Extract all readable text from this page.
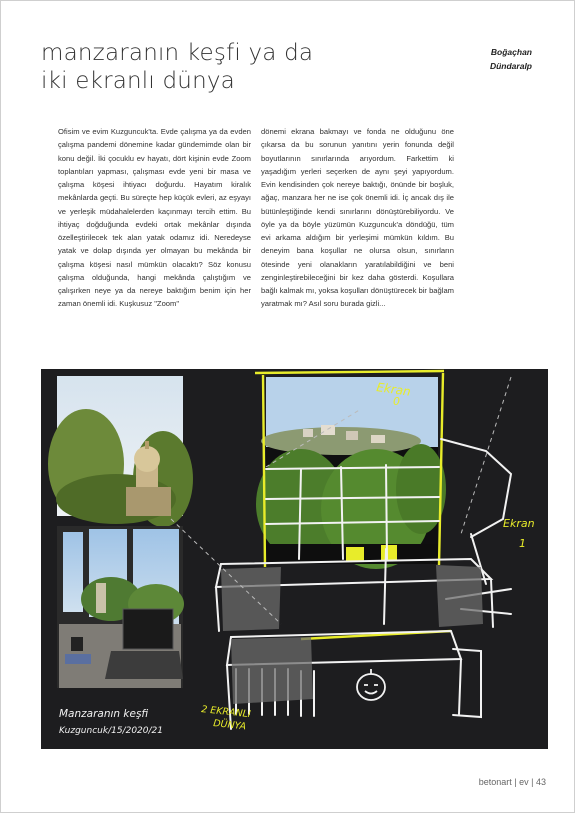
manzaranın keşfi ya da
iki ekranlı dünya
Boğaçhan
Dündaralp
Ofisim ve evim Kuzguncuk'ta. Evde çalışma ya da evden çalışma pandemi dönemine kadar gündemimde olan bir konu değil. İki çocuklu ev hayatı, dört kişinin evde Zoom toplantıları yapması, çalışması evde yeni bir masa ve çalışma köşesi ihtiyacı doğurdu. Hayatım kiralık mekânlarda geçti. Bu süreçte hep küçük evleri, az eşyayı ve yerleşik müdahalelerden kaçınmayı tercih ettim. Bu ihtiyaç doğduğunda evdeki ortak mekânlar dışında özelleştirilecek tek alan yatak odamız idi. Neredeyse yatak ve dolap dışında yer olmayan bu mekânda bir çalışma köşesi nasıl mümkün olacaktı? Söz konusu çalışma olduğunda, hangi mekânda çalıştığım ve çalışırken neye ya da nereye baktığım benim için her zaman önemli idi. Kuşkusuz "Zoom"
dönemi ekrana bakmayı ve fonda ne olduğunu öne çıkarsa da bu sorunun yanıtını yerin fonunda değil boyutlarının sınırlarında arıyordum. Farkettim ki yaşadığım yerleri seçerken de aynı şeyi yapıyordum. Evin kendisinden çok nereye baktığı, önünde bir boşluk, ağaç, manzara her ne ise çok önemli idi. İç ancak dış ile bütünleştiğinde kendi sınırlarını dönüştürebiliyordu. Ve öyle ya da böyle yüzümün Kuzguncuk'a döndüğü, tüm evi arkama aldığım bir yerleşimi mümkün kıldım. Bu deneyim bana koşullar ne olursa olsun, sınırların ötesinde yeni olanakların yaratılabildiğini ve beni zenginleştirebileceğini bir kez daha gösterdi. Koşullara bağlı kalmak mı, yoksa koşulları dönüştürecek bir bağlam yaratmak mı? Asıl soru burada gizli...
Ekran
0
Ekran
1
Manzaranın keşfi
Kuzguncuk/15/2020/21
2 EKRANLI
DÜNYA
betonart | ev | 43
